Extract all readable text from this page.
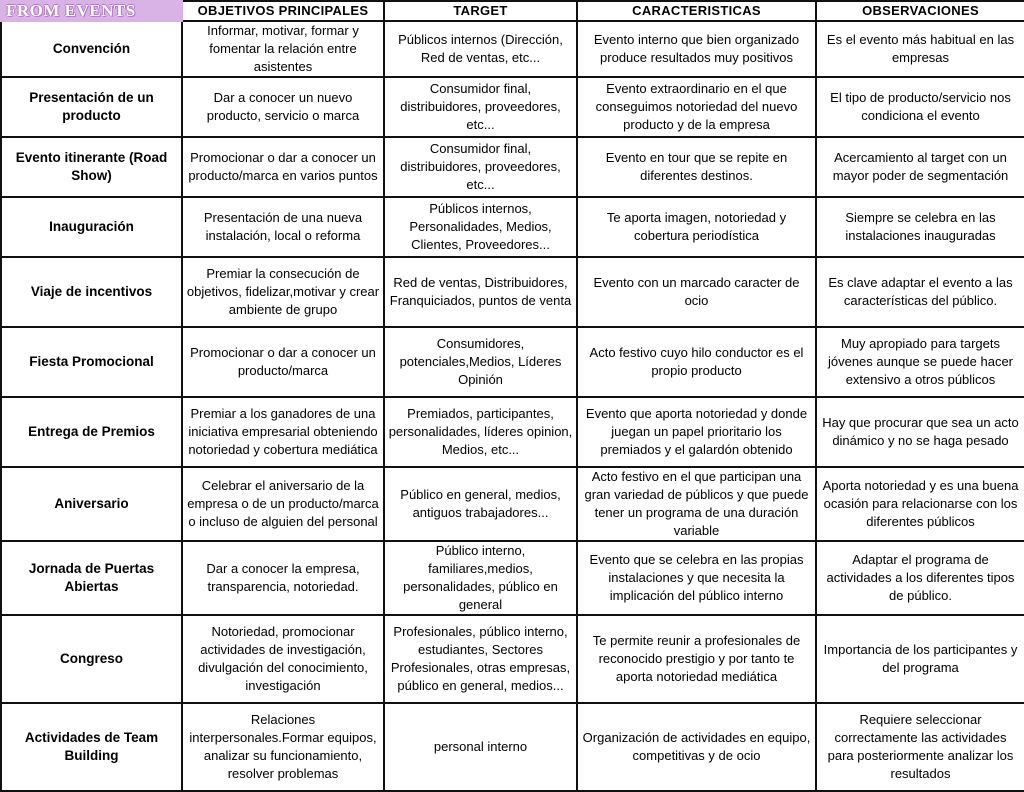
FROM EVENTS	OBJETIVOS PRINCIPALES	TARGET	CARACTERISTICAS	OBSERVACIONES
Convención	Informar, motivar, formar y fomentar la relación entre asistentes	Públicos internos (Dirección, Red de ventas, etc...	Evento interno que bien organizado produce resultados muy positivos	Es el evento más habitual en las empresas
Presentación de un producto	Dar a conocer un nuevo producto, servicio o marca	Consumidor final, distribuidores, proveedores, etc...	Evento extraordinario en el que conseguimos notoriedad del nuevo producto y de la empresa	El tipo de producto/servicio nos condiciona el evento
Evento itinerante (Road Show)	Promocionar o dar a conocer un producto/marca en varios puntos	Consumidor final, distribuidores, proveedores, etc...	Evento en tour que se repite en diferentes destinos.	Acercamiento al target con un mayor poder de segmentación
Inauguración	Presentación de una nueva instalación, local o reforma	Públicos internos, Personalidades, Medios, Clientes, Proveedores...	Te aporta imagen, notoriedad y cobertura periodística	Siempre se celebra en las instalaciones inauguradas
Viaje de incentivos	Premiar la consecución de objetivos, fidelizar,motivar y crear ambiente de grupo	Red de ventas, Distribuidores, Franquiciados, puntos de venta	Evento con un marcado caracter de ocio	Es clave adaptar el evento a las características del público.
Fiesta Promocional	Promocionar o dar a conocer un producto/marca	Consumidores, potenciales,Medios, Líderes Opinión	Acto festivo cuyo hilo conductor es el propio producto	Muy apropiado para targets jóvenes aunque se puede hacer extensivo a otros públicos
Entrega de Premios	Premiar a los ganadores de una iniciativa empresarial obteniendo notoriedad y cobertura mediática	Premiados, participantes, personalidades, líderes opinion, Medios, etc...	Evento que aporta notoriedad y donde juegan un papel prioritario los premiados y el galardón obtenido	Hay que procurar que sea un acto dinámico y no se haga pesado
Aniversario	Celebrar el aniversario de la empresa o de un producto/marca o incluso de alguien del personal	Público en general, medios, antiguos trabajadores...	Acto festivo en el que participan una gran variedad de públicos y que puede tener un programa de una duración variable	Aporta notoriedad y es una buena ocasión para relacionarse con los diferentes públicos
Jornada de Puertas Abiertas	Dar a conocer la empresa, transparencia, notoriedad.	Público interno, familiares,medios, personalidades, público en general	Evento que se celebra en las propias instalaciones y que necesita la implicación del público interno	Adaptar el programa de actividades a los diferentes tipos de público.
Congreso	Notoriedad, promocionar actividades de investigación, divulgación del conocimiento, investigación	Profesionales, público interno, estudiantes, Sectores Profesionales, otras empresas, público en general, medios...	Te permite reunir a profesionales de reconocido prestigio y por tanto te aporta notoriedad mediática	Importancia de los participantes y del programa
Actividades de Team Building	Relaciones interpersonales.Formar equipos, analizar su funcionamiento, resolver problemas	personal interno	Organización de actividades en equipo, competitivas y de ocio	Requiere seleccionar correctamente las actividades para posteriormente analizar los resultados
